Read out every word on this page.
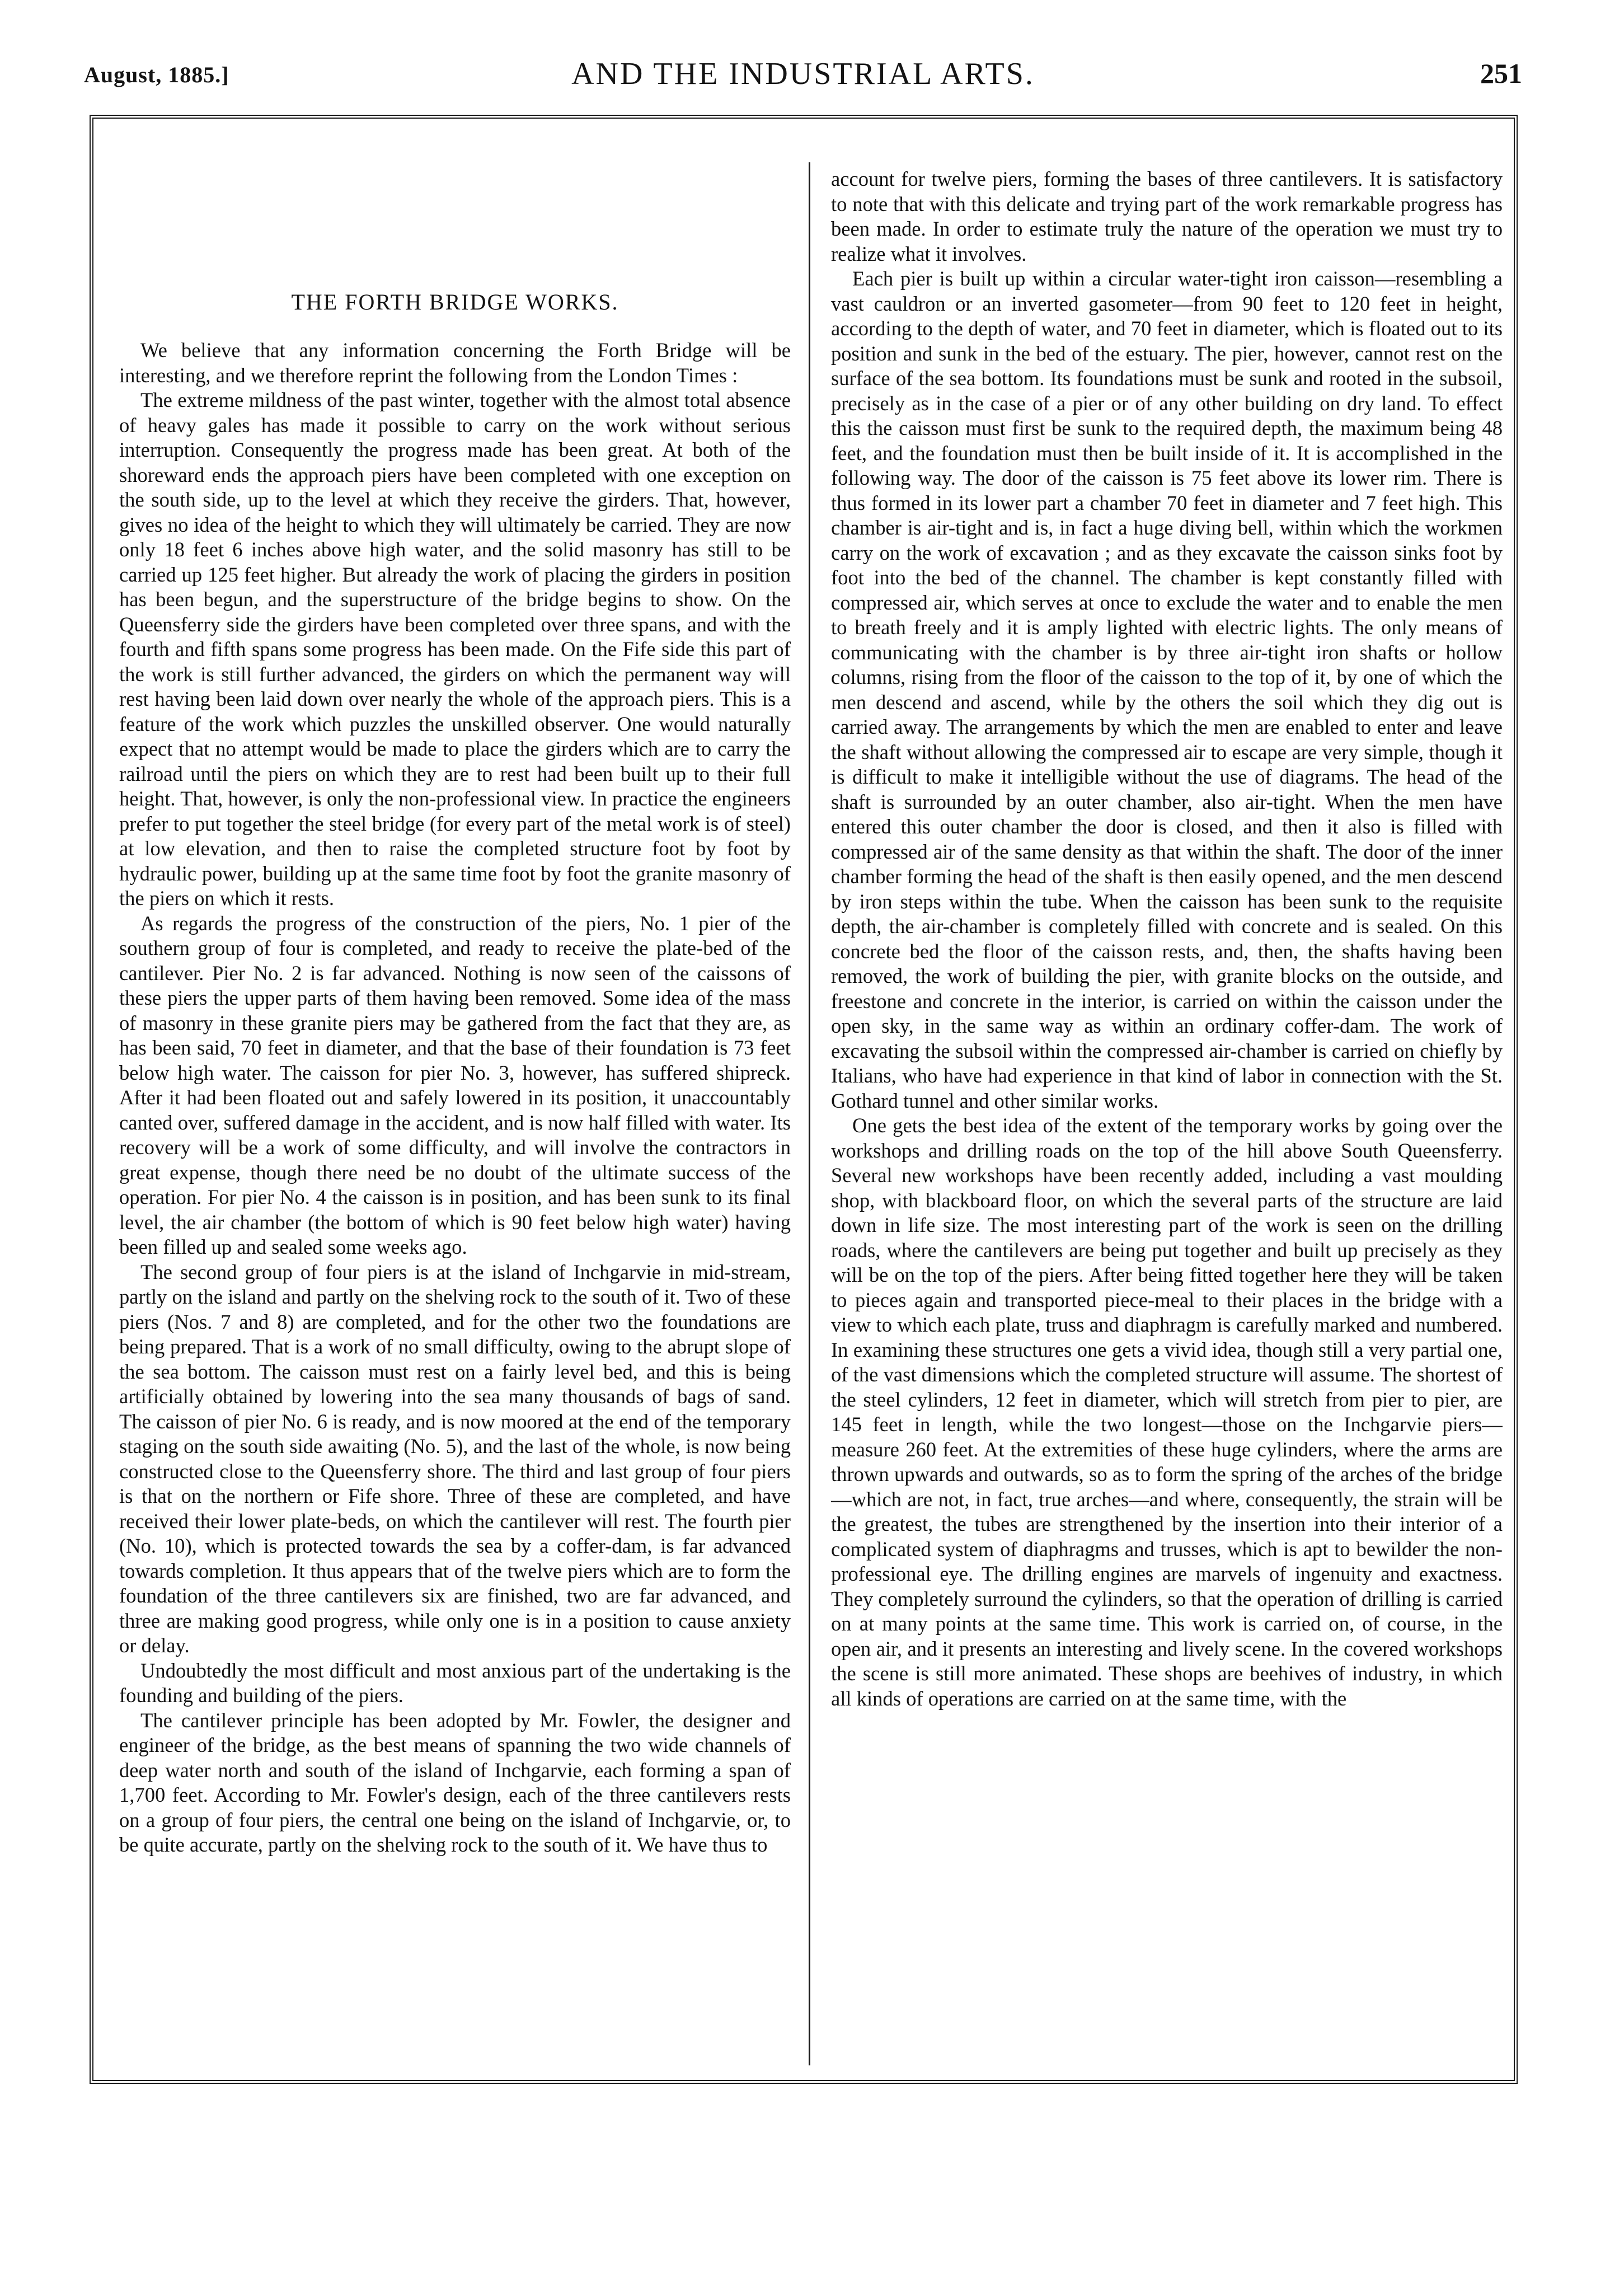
August, 1885.]	AND THE INDUSTRIAL ARTS.	251
THE FORTH BRIDGE WORKS.

We believe that any information concerning the Forth Bridge will be interesting, and we therefore reprint the following from the London Times :

The extreme mildness of the past winter, together with the almost total absence of heavy gales has made it possible to carry on the work without serious interruption. Consequently the progress made has been great. At both of the shoreward ends the approach piers have been completed with one exception on the south side, up to the level at which they receive the girders. That, however, gives no idea of the height to which they will ultimately be carried. They are now only 18 feet 6 inches above high water, and the solid masonry has still to be carried up 125 feet higher. But already the work of placing the girders in position has been begun, and the superstructure of the bridge begins to show. On the Queensferry side the girders have been completed over three spans, and with the fourth and fifth spans some progress has been made. On the Fife side this part of the work is still further advanced, the girders on which the permanent way will rest having been laid down over nearly the whole of the approach piers. This is a feature of the work which puzzles the unskilled observer. One would naturally expect that no attempt would be made to place the girders which are to carry the railroad until the piers on which they are to rest had been built up to their full height. That, however, is only the non-professional view. In practice the engineers prefer to put together the steel bridge (for every part of the metal work is of steel) at low elevation, and then to raise the completed structure foot by foot by hydraulic power, building up at the same time foot by foot the granite masonry of the piers on which it rests.

As regards the progress of the construction of the piers, No. 1 pier of the southern group of four is completed, and ready to receive the plate-bed of the cantilever. Pier No. 2 is far advanced. Nothing is now seen of the caissons of these piers the upper parts of them having been removed. Some idea of the mass of masonry in these granite piers may be gathered from the fact that they are, as has been said, 70 feet in diameter, and that the base of their foundation is 73 feet below high water. The caisson for pier No. 3, however, has suffered shipreck. After it had been floated out and safely lowered in its position, it unaccountably canted over, suffered damage in the accident, and is now half filled with water. Its recovery will be a work of some difficulty, and will involve the contractors in great expense, though there need be no doubt of the ultimate success of the operation. For pier No. 4 the caisson is in position, and has been sunk to its final level, the air chamber (the bottom of which is 90 feet below high water) having been filled up and sealed some weeks ago.

The second group of four piers is at the island of Inchgarvie in mid-stream, partly on the island and partly on the shelving rock to the south of it. Two of these piers (Nos. 7 and 8) are completed, and for the other two the foundations are being prepared. That is a work of no small difficulty, owing to the abrupt slope of the sea bottom. The caisson must rest on a fairly level bed, and this is being artificially obtained by lowering into the sea many thousands of bags of sand. The caisson of pier No. 6 is ready, and is now moored at the end of the temporary staging on the south side awaiting (No. 5), and the last of the whole, is now being constructed close to the Queensferry shore. The third and last group of four piers is that on the northern or Fife shore. Three of these are completed, and have received their lower plate-beds, on which the cantilever will rest. The fourth pier (No. 10), which is protected towards the sea by a coffer-dam, is far advanced towards completion. It thus appears that of the twelve piers which are to form the foundation of the three cantilevers six are finished, two are far advanced, and three are making good progress, while only one is in a position to cause anxiety or delay.

Undoubtedly the most difficult and most anxious part of the undertaking is the founding and building of the piers.

The cantilever principle has been adopted by Mr. Fowler, the designer and engineer of the bridge, as the best means of spanning the two wide channels of deep water north and south of the island of Inchgarvie, each forming a span of 1,700 feet. According to Mr. Fowler's design, each of the three cantilevers rests on a group of four piers, the central one being on the island of Inchgarvie, or, to be quite accurate, partly on the shelving rock to the south of it. We have thus to

account for twelve piers, forming the bases of three cantilevers. It is satisfactory to note that with this delicate and trying part of the work remarkable progress has been made. In order to estimate truly the nature of the operation we must try to realize what it involves.

Each pier is built up within a circular water-tight iron caisson—resembling a vast cauldron or an inverted gasometer—from 90 feet to 120 feet in height, according to the depth of water, and 70 feet in diameter, which is floated out to its position and sunk in the bed of the estuary. The pier, however, cannot rest on the surface of the sea bottom. Its foundations must be sunk and rooted in the subsoil, precisely as in the case of a pier or of any other building on dry land. To effect this the caisson must first be sunk to the required depth, the maximum being 48 feet, and the foundation must then be built inside of it. It is accomplished in the following way. The door of the caisson is 75 feet above its lower rim. There is thus formed in its lower part a chamber 70 feet in diameter and 7 feet high. This chamber is air-tight and is, in fact a huge diving bell, within which the workmen carry on the work of excavation ; and as they excavate the caisson sinks foot by foot into the bed of the channel. The chamber is kept constantly filled with compressed air, which serves at once to exclude the water and to enable the men to breath freely and it is amply lighted with electric lights. The only means of communicating with the chamber is by three air-tight iron shafts or hollow columns, rising from the floor of the caisson to the top of it, by one of which the men descend and ascend, while by the others the soil which they dig out is carried away. The arrangements by which the men are enabled to enter and leave the shaft without allowing the compressed air to escape are very simple, though it is difficult to make it intelligible without the use of diagrams. The head of the shaft is surrounded by an outer chamber, also air-tight. When the men have entered this outer chamber the door is closed, and then it also is filled with compressed air of the same density as that within the shaft. The door of the inner chamber forming the head of the shaft is then easily opened, and the men descend by iron steps within the tube. When the caisson has been sunk to the requisite depth, the air-chamber is completely filled with concrete and is sealed. On this concrete bed the floor of the caisson rests, and, then, the shafts having been removed, the work of building the pier, with granite blocks on the outside, and freestone and concrete in the interior, is carried on within the caisson under the open sky, in the same way as within an ordinary coffer-dam. The work of excavating the subsoil within the compressed air-chamber is carried on chiefly by Italians, who have had experience in that kind of labor in connection with the St. Gothard tunnel and other similar works.

One gets the best idea of the extent of the temporary works by going over the workshops and drilling roads on the top of the hill above South Queensferry. Several new workshops have been recently added, including a vast moulding shop, with blackboard floor, on which the several parts of the structure are laid down in life size. The most interesting part of the work is seen on the drilling roads, where the cantilevers are being put together and built up precisely as they will be on the top of the piers. After being fitted together here they will be taken to pieces again and transported piece-meal to their places in the bridge with a view to which each plate, truss and diaphragm is carefully marked and numbered. In examining these structures one gets a vivid idea, though still a very partial one, of the vast dimensions which the completed structure will assume. The shortest of the steel cylinders, 12 feet in diameter, which will stretch from pier to pier, are 145 feet in length, while the two longest—those on the Inchgarvie piers—measure 260 feet. At the extremities of these huge cylinders, where the arms are thrown upwards and outwards, so as to form the spring of the arches of the bridge—which are not, in fact, true arches—and where, consequently, the strain will be the greatest, the tubes are strengthened by the insertion into their interior of a complicated system of diaphragms and trusses, which is apt to bewilder the non-professional eye. The drilling engines are marvels of ingenuity and exactness. They completely surround the cylinders, so that the operation of drilling is carried on at many points at the same time. This work is carried on, of course, in the open air, and it presents an interesting and lively scene. In the covered workshops the scene is still more animated. These shops are beehives of industry, in which all kinds of operations are carried on at the same time, with the
